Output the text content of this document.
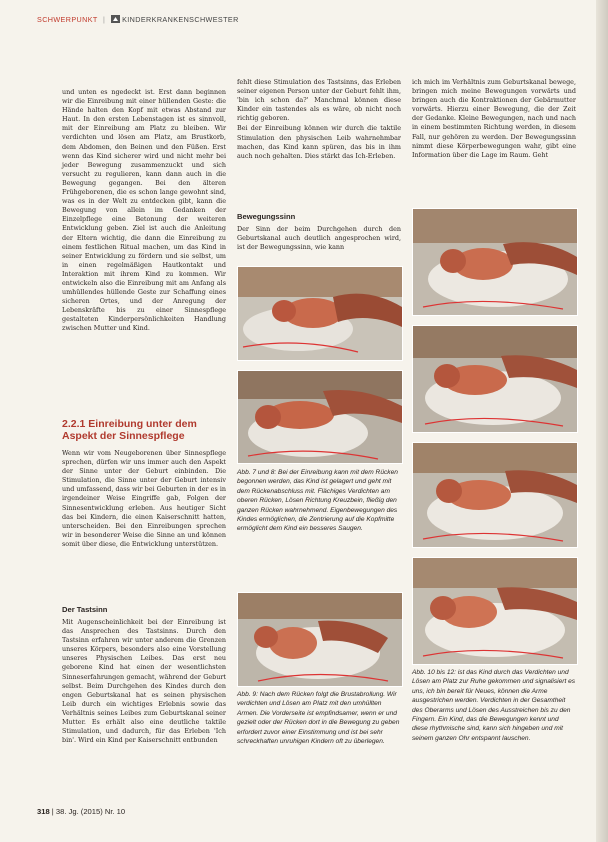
SCHWERPUNKT | KINDERKRANKENSCHWESTER

und unten es ngedeckt ist. Erst dann beginnen wir die Einreibung mit einer hüllenden Geste: die Hände halten den Kopf mit etwas Abstand zur Haut. In den ersten Lebenstagen ist es sinnvoll, mit der Einreibung am Platz zu bleiben. Wir verdichten und lösen am Platz, am Brustkorb, dem Abdomen, den Beinen und den Füßen. Erst wenn das Kind sicherer wird und nicht mehr bei jeder Bewegung zusammenzuckt und sich versucht zu regulieren, kann dann auch in die Bewegung gegangen. Bei den älteren Frühgeborenen, die es schon lange gewohnt sind, was es in der Welt zu entdecken gibt, kann die Bewegung von allein im Gedanken der Einzelpflege eine Betonung der weiteren Entwicklung geben. Ziel ist auch die Anleitung der Eltern wichtig, die dann die Einreibung zu einem festlichen Ritual machen, um das Kind in seiner Entwicklung zu fördern und sie selbst, um in einen regelmäßigen Hautkontakt und Interaktion mit ihrem Kind zu kommen. Wir entwickeln also die Einreibung mit am Anfang als umhüllendes hüllende Geste zur Schaffung eines sicheren Ortes, und der Anregung der Lebenskräfte bis zu einer Sinnespflege gestalteten Kinderpersönlichkeiten Handlung zwischen Mutter und Kind.

2.2.1 Einreibung unter dem Aspekt der Sinnespflege

Wenn wir vom Neugeborenen über Sinnespflege sprechen, dürfen wir uns immer auch den Aspekt der Sinne unter der Geburt einbinden. Die Stimulation, die Sinne unter der Geburt intensiv und umfassend, dass wir bei Geburten in der es in irgendeiner Weise Eingriffe gab, Folgen der Sinnesentwicklung erleben. Aus heutiger Sicht das bei Kindern, die einen Kaiserschnitt hatten, unterscheiden. Bei den Einreibungen sprechen wir in besonderer Weise die Sinne an und können somit über diese, die Entwicklung unterstützen.

Der Tastsinn

Mit Augenscheinlichkeit bei der Einreibung ist das Ansprechen des Tastsinns. Durch den Tastsinn erfahren wir unter anderem die Grenzen unseres Körpers, besonders also eine Vorstellung unseres Physischen Leibes. Das erst neu geborene Kind hat einen der wesentlichsten Sinneserfahrungen gemacht, während der Geburt selbst. Beim Durchgehen des Kindes durch den engen Geburtskanal hat es seinen physischen Leib durch ein wichtiges Erlebnis sowie das Verhältnis seines Leibes zum Geburtskanal seiner Mutter. Es erhält also eine deutliche taktile Stimulation, und dadurch, für das Erleben 'Ich bin'. Wird ein Kind per Kaiserschnitt entbunden

fehlt diese Stimulation des Tastsinns, das Erleben seiner eigenen Person unter der Geburt fehlt ihm, 'bin ich schon da?' Manchmal können diese Kinder ein tastendes als es wäre, ob nicht noch richtig geboren.

Bei der Einreibung können wir durch die taktile Stimulation den physischen Leib wahrnehmbar machen, das Kind kann spüren, das bis in ihm auch noch gehalten. Dies stärkt das Ich-Erleben.

Bewegungssinn

Der Sinn der beim Durchgehen durch den Geburtskanal auch deutlich angesprochen wird, ist der Bewegungssinn, wie kann

Abb. 7 und 8: Bei der Einreibung kann mit dem Rücken begonnen werden, das Kind ist gelagert und geht mit dem Rückenabschluss mit. Flächiges Verdichten am oberen Rücken, Lösen Richtung Kreuzbein, fließig den ganzen Rücken wahrnehmend. Eigenbewegungen des Kindes ermöglichen, die Zentrierung auf die Kopfmitte ermöglicht dem Kind ein besseres Saugen.
Abb. 9: Nach dem Rücken folgt die Brustabrollung. Wir verdichten und Lösen am Platz mit den umhüllten Armen. Die Vorderseite ist empfindsamer, wenn er und gezielt oder der Rücken dort in die Bewegung zu geben erfordert zuvor einer Einstimmung und ist bei sehr schreckhaften unruhigen Kindern oft zu überlegen.

ich mich im Verhältnis zum Geburtskanal bewege, bringen mich meine Bewegungen vorwärts und bringen auch die Kontraktionen der Gebärmutter vorwärts. Hierzu einer Bewegung, die der Zeit der Gedanke. Kleine Bewegungen, nach und nach in einem bestimmten Richtung werden, in diesem Fall, nur gehören zu werden. Der Bewegungssinn nimmt diese Körperbewegungen wahr, gibt eine Information über die Lage im Raum. Geht

Abb. 10 bis 12: ist das Kind durch das Verdichten und Lösen am Platz zur Ruhe gekommen und signalisiert es uns, ich bin bereit für Neues, können die Arme ausgestrichen werden. Verdichten in der Gesamtheit des Oberarms und Lösen des Ausstreichen bis zu den Fingern. Ein Kind, das die Bewegungen kennt und diese rhythmische sind, kann sich hingeben und mit seinem ganzen Ohr entspannt lauschen.
318 | 38. Jg. (2015) Nr. 10
